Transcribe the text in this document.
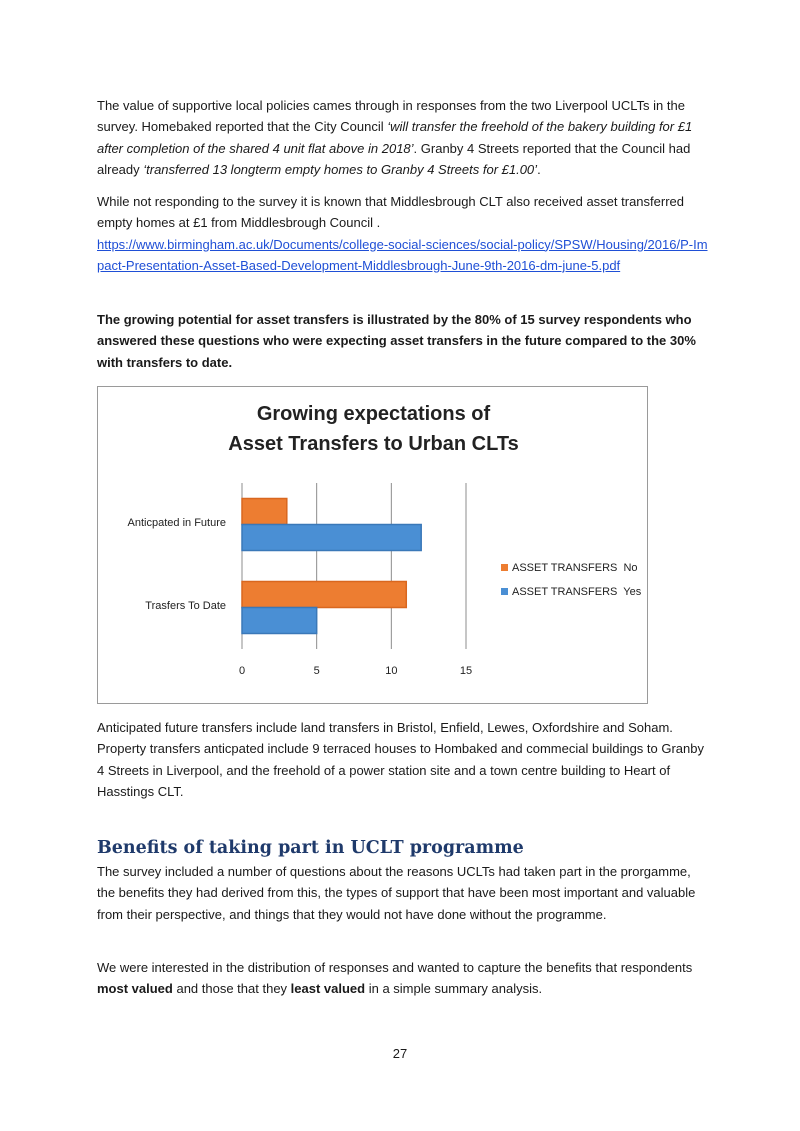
The value of supportive local policies cames through in responses from the two Liverpool UCLTs in the survey. Homebaked reported that the City Council ‘will transfer the freehold of the bakery building for £1 after completion of the shared 4 unit flat above in 2018’. Granby 4 Streets reported that the Council had already ‘transferred 13 longterm empty homes to Granby 4 Streets for £1.00’.

While not responding to the survey it is known that Middlesbrough CLT also received asset transferred empty homes at £1 from Middlesbrough Council .
https://www.birmingham.ac.uk/Documents/college-social-sciences/social-policy/SPSW/Housing/2016/P-Impact-Presentation-Asset-Based-Development-Middlesbrough-June-9th-2016-dm-june-5.pdf

The growing potential for asset transfers is illustrated by the 80% of 15 survey respondents who answered these questions who were expecting asset transfers in the future compared to the 30% with transfers to date.

Growing expectations of
Asset Transfers to Urban CLTs
Anticpated in Future
Trasfers To Date
0	5	10	15
ASSET TRANSFERS  No
ASSET TRANSFERS  Yes

Anticipated future transfers include land transfers in Bristol, Enfield, Lewes, Oxfordshire and Soham. Property transfers anticpated include 9 terraced houses to Hombaked and commecial buildings to Granby 4 Streets in Liverpool, and the freehold of a power station site and a town centre building to Heart of Hasstings CLT.

Benefits of taking part in UCLT programme

The survey included a number of questions about the reasons UCLTs had taken part in the prorgamme, the benefits they had derived from this, the types of support that have been most important and valuable from their perspective, and things that they would not have done without the programme.

We were interested in the distribution of responses and wanted to capture the benefits that respondents most valued and those that they least valued in a simple summary analysis.

27
